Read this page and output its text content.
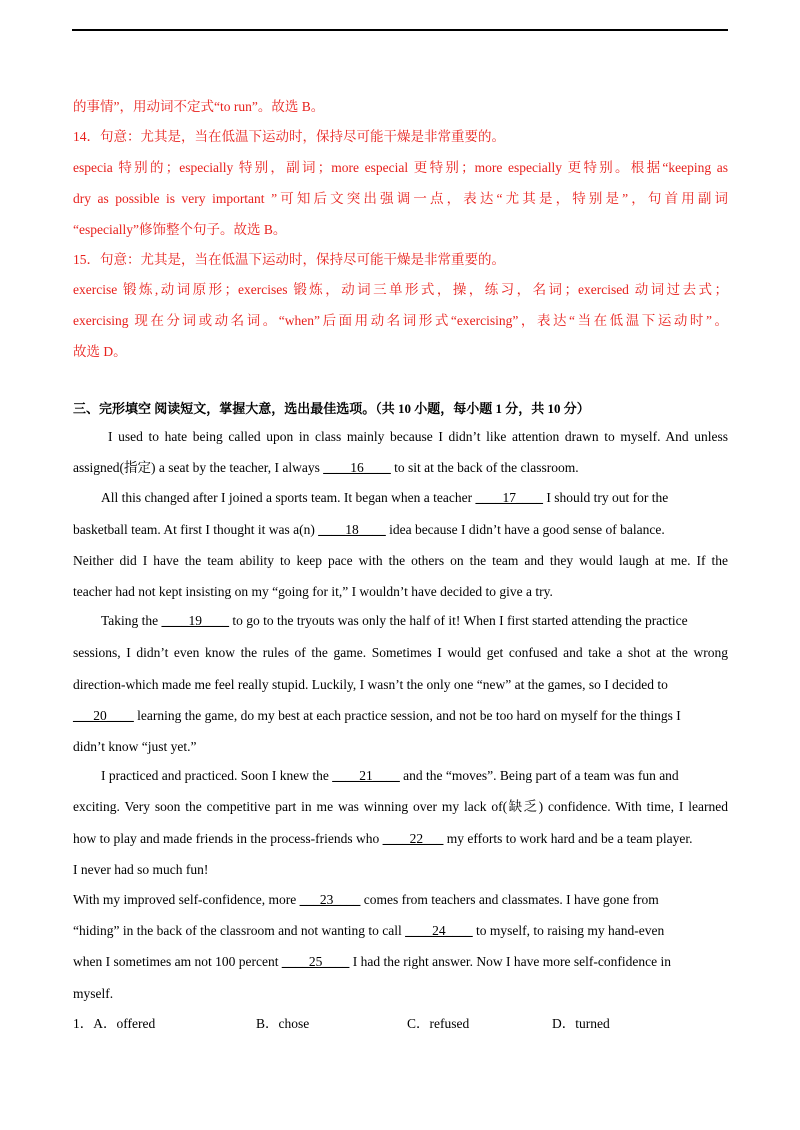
的事情”，用动词不定式“to run”。故选 B。
14．句意：尤其是，当在低温下运动时，保持尽可能干燥是非常重要的。
especia 特别的；especially 特别，副词；more especial 更特别；more especially 更特别。根据“keeping as
dry as possible is very important ”可知后文突出强调一点，表达“尤其是，特别是”，句首用副词
“especially”修饰整个句子。故选 B。
15．句意：尤其是，当在低温下运动时，保持尽可能干燥是非常重要的。
exercise 锻炼,动词原形；exercises 锻炼，动词三单形式，操，练习，名词；exercised 动词过去式；
exercising 现在分词或动名词。“when”后面用动名词形式“exercising”，表达“当在低温下运动时”。
故选 D。
三、完形填空 阅读短文，掌握大意，选出最佳选项。（共 10 小题，每小题 1 分，共 10 分）
I used to hate being called upon in class mainly because I didn’t like attention drawn to myself. And unless
assigned(指定) a seat by the teacher, I always ____16____ to sit at the back of the classroom.
All this changed after I joined a sports team. It began when a teacher ____17____ I should try out for the
basketball team. At first I thought it was a(n) ____18____ idea because I didn’t have a good sense of balance.
Neither did I have the team ability to keep pace with the others on the team and they would laugh at me. If the
teacher had not kept insisting on my “going for it,” I wouldn’t have decided to give a try.
Taking the ____19____ to go to the tryouts was only the half of it! When I first started attending the practice
sessions, I didn’t even know the rules of the game. Sometimes I would get confused and take a shot at the wrong
direction-which made me feel really stupid. Luckily, I wasn’t the only one “new” at the games, so I decided to
___20____ learning the game, do my best at each practice session, and not be too hard on myself for the things I
didn’t know “just yet.”
I practiced and practiced. Soon I knew the ____21____ and the “moves”. Being part of a team was fun and
exciting. Very soon the competitive part in me was winning over my lack of(缺乏) confidence. With time, I learned
how to play and made friends in the process-friends who ____22___ my efforts to work hard and be a team player.
I never had so much fun!
With my improved self-confidence, more ___23____ comes from teachers and classmates. I have gone from
“hiding” in the back of the classroom and not wanting to call ____24____ to myself, to raising my hand-even
when I sometimes am not 100 percent ____25____ I had the right answer. Now I have more self-confidence in
myself.
1．A．offered	B．chose	C．refused	D．turned
